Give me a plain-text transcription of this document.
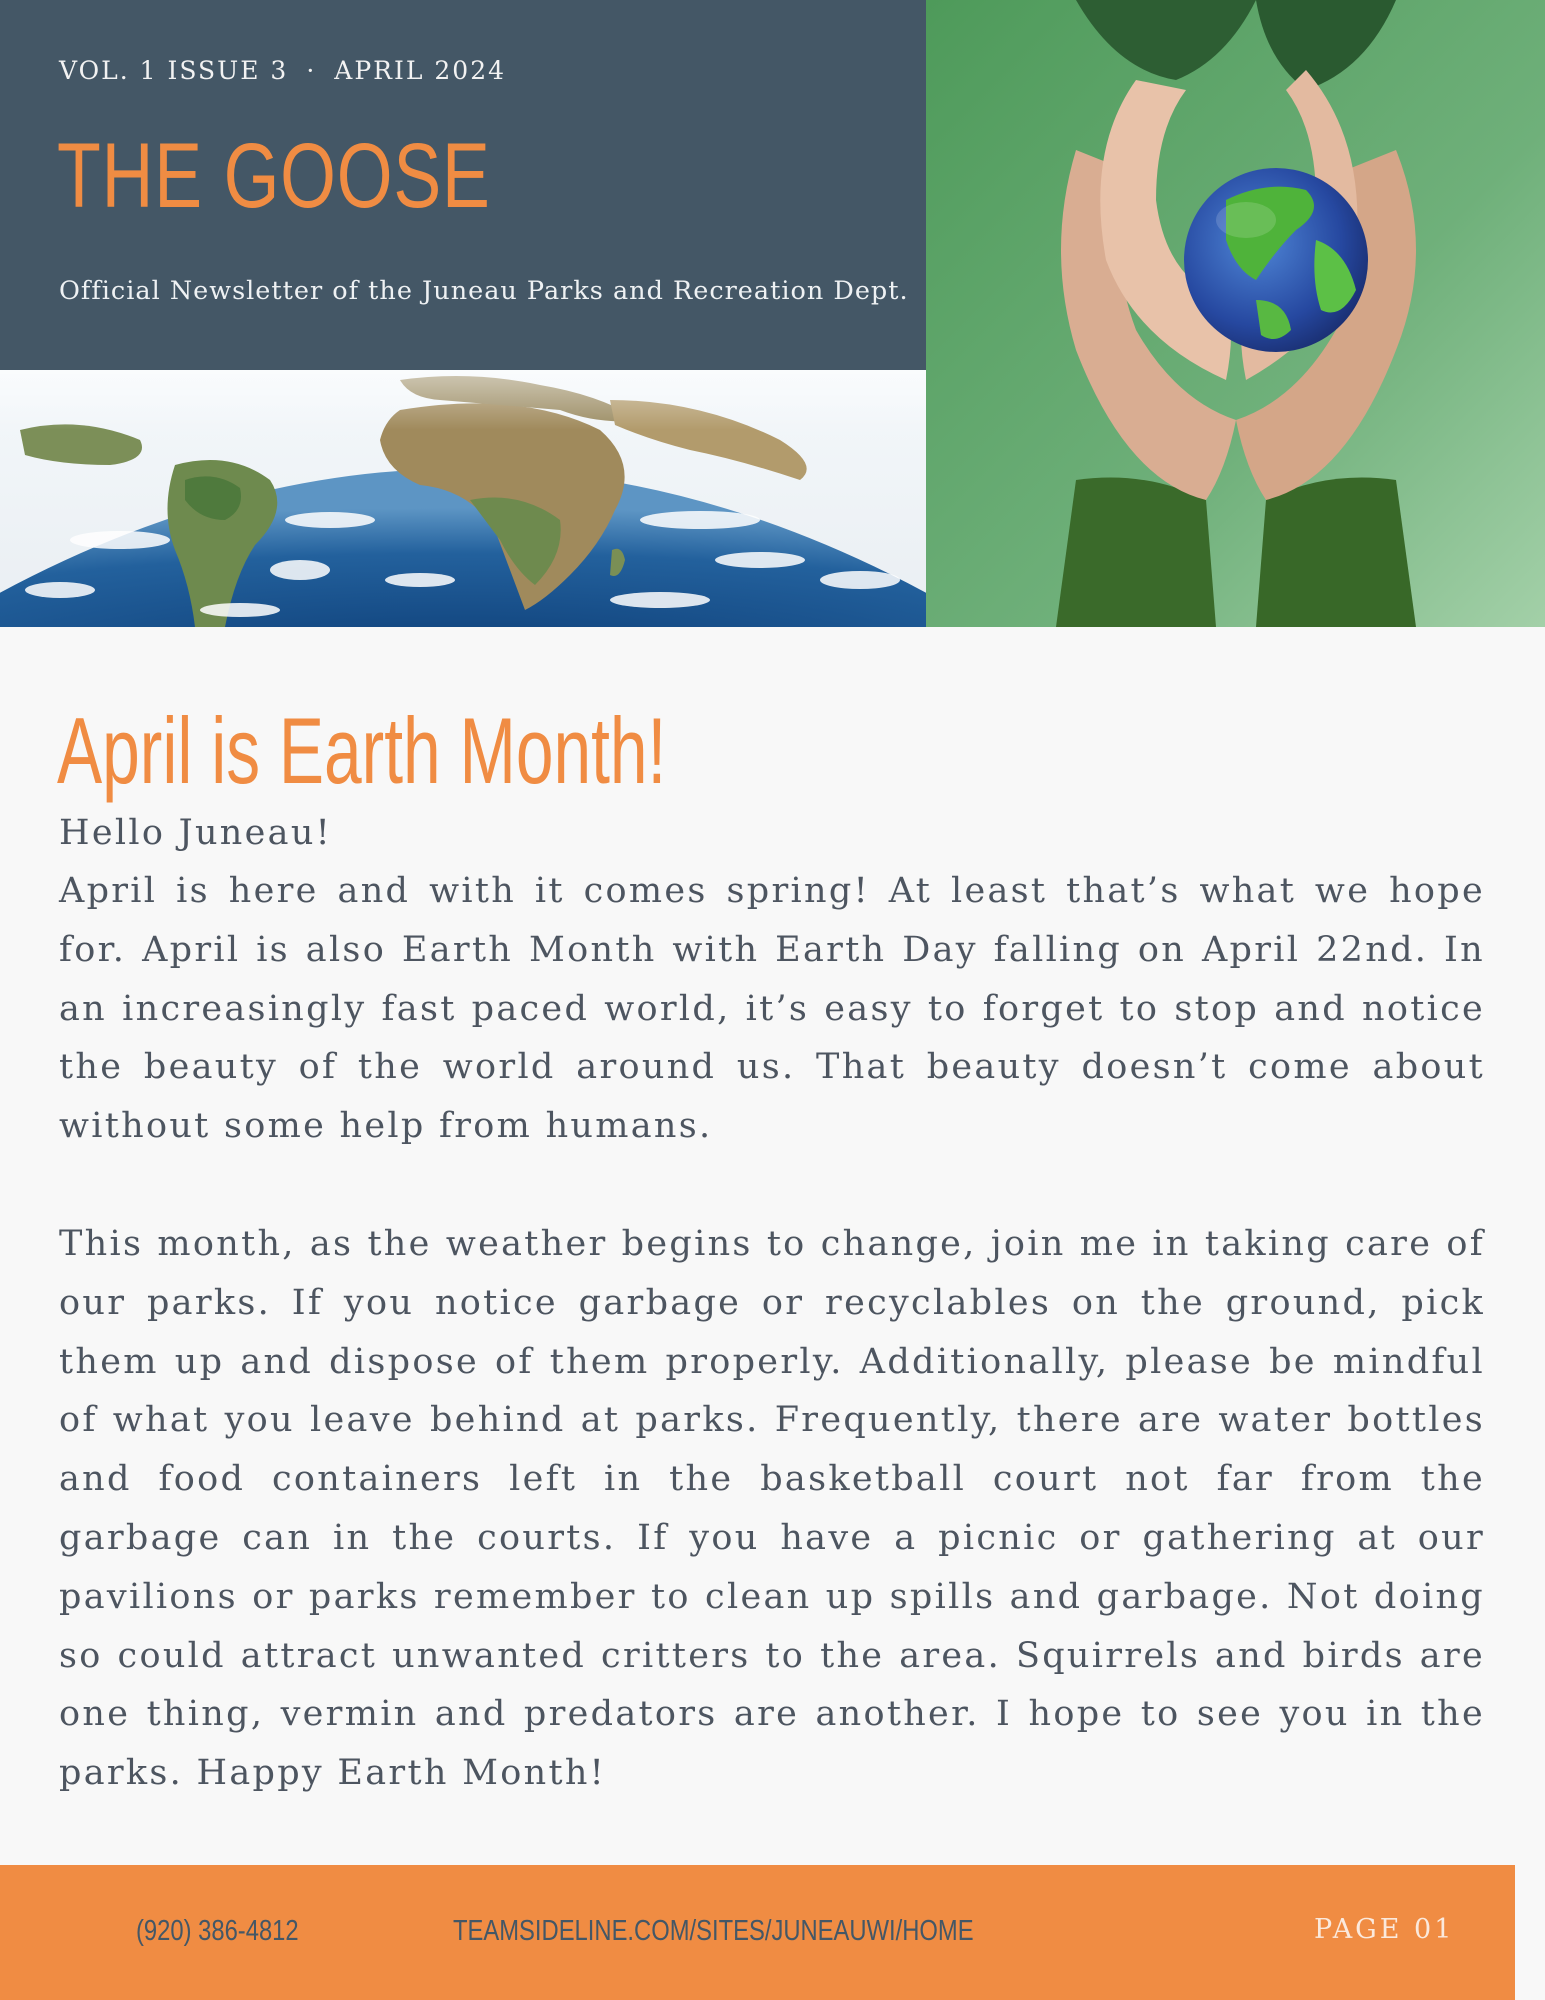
VOL. 1 ISSUE 3 · APRIL 2024
THE GOOSE
Official Newsletter of the Juneau Parks and Recreation Dept.
April is Earth Month!
Hello Juneau!
April is here and with it comes spring! At least that’s what we hope for. April is also Earth Month with Earth Day falling on April 22nd. In an increasingly fast paced world, it’s easy to forget to stop and notice the beauty of the world around us. That beauty doesn’t come about without some help from humans.
This month, as the weather begins to change, join me in taking care of our parks. If you notice garbage or recyclables on the ground, pick them up and dispose of them properly. Additionally, please be mindful of what you leave behind at parks. Frequently, there are water bottles and food containers left in the basketball court not far from the garbage can in the courts. If you have a picnic or gathering at our pavilions or parks remember to clean up spills and garbage. Not doing so could attract unwanted critters to the area. Squirrels and birds are one thing, vermin and predators are another. I hope to see you in the parks. Happy Earth Month!
(920) 386-4812	TEAMSIDELINE.COM/SITES/JUNEAUWI/HOME	PAGE 01
